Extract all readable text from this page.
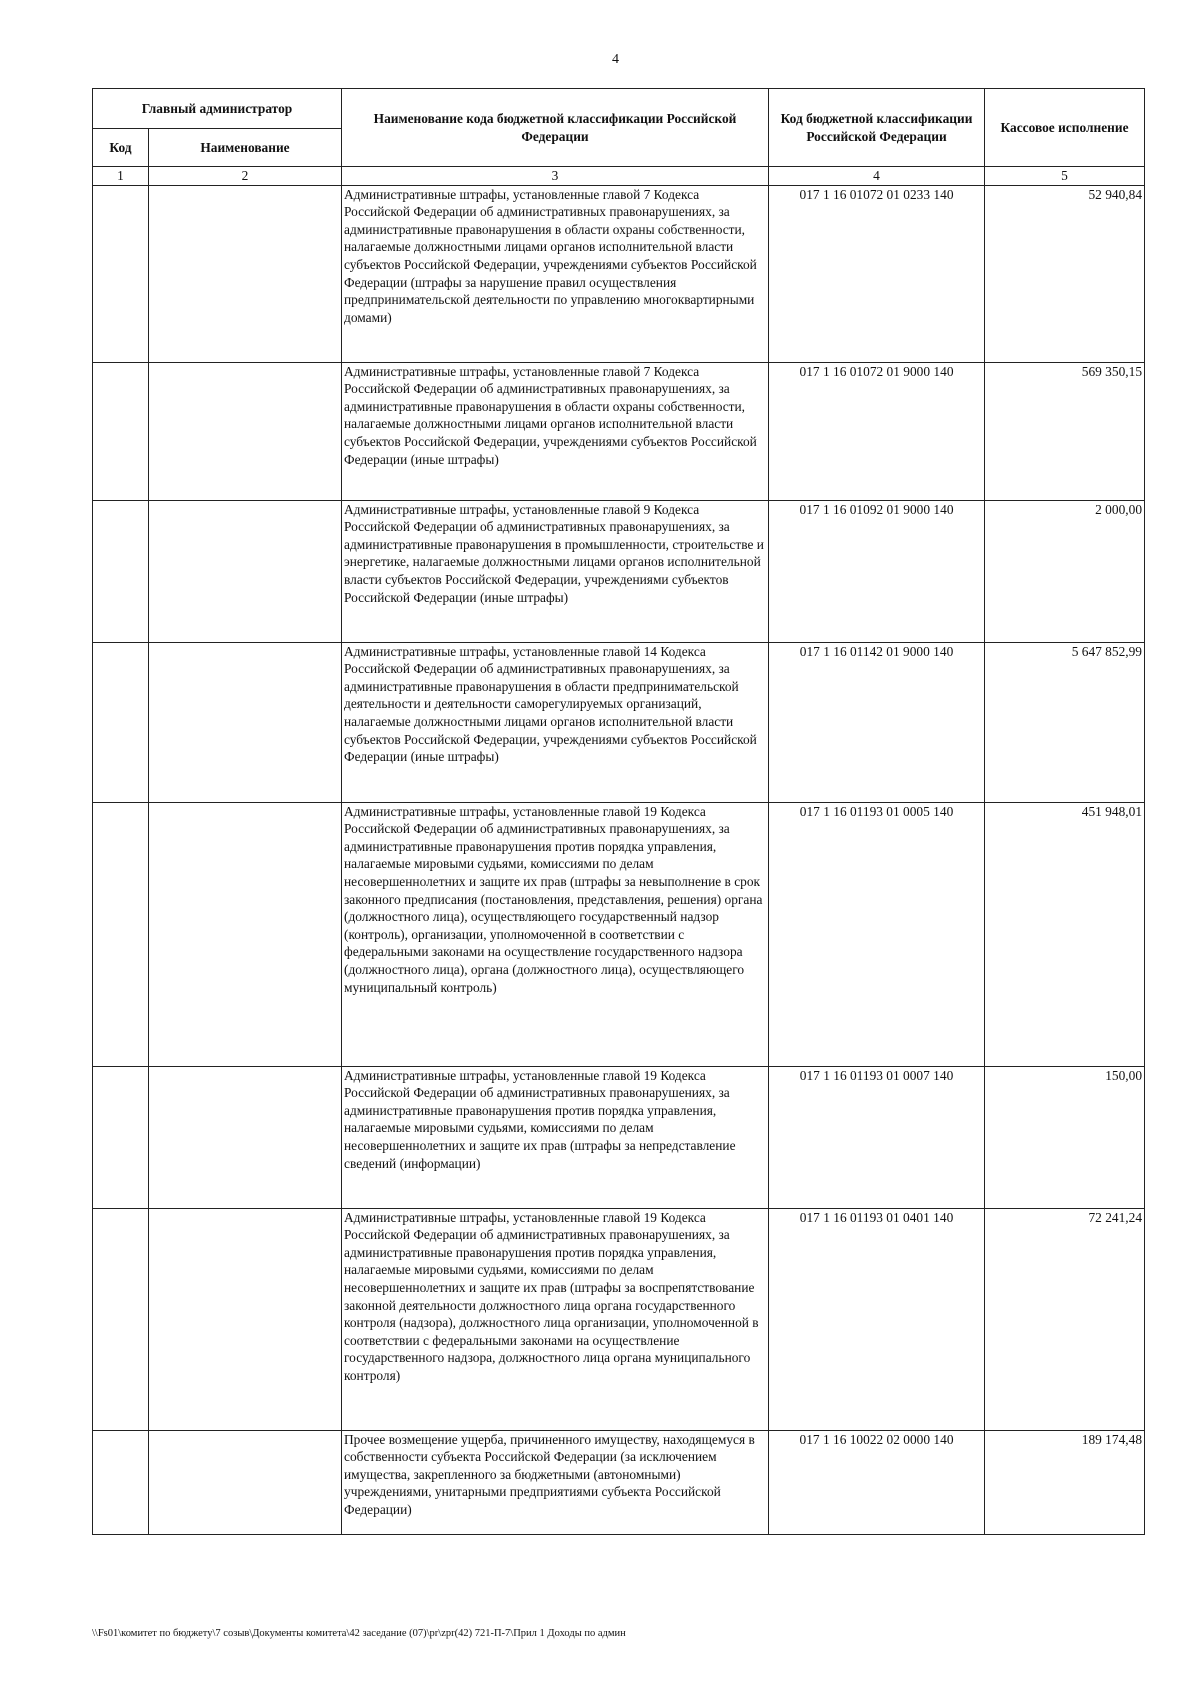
4
Главный администратор		Наименование кода бюджетной классификации Российской Федерации	Код бюджетной классификации Российской Федерации	Кассовое исполнение
Код	Наименование			
1	2	3	4	5
		Административные штрафы, установленные главой 7 Кодекса Российской Федерации об административных правонарушениях, за административные правонарушения в области охраны собственности, налагаемые должностными лицами органов исполнительной власти субъектов Российской Федерации, учреждениями субъектов Российской Федерации (штрафы за нарушение правил осуществления предпринимательской деятельности по управлению многоквартирными домами)	017 1 16 01072 01 0233 140	52 940,84
		Административные штрафы, установленные главой 7 Кодекса Российской Федерации об административных правонарушениях, за административные правонарушения в области охраны собственности, налагаемые должностными лицами органов исполнительной власти субъектов Российской Федерации, учреждениями субъектов Российской Федерации (иные штрафы)	017 1 16 01072 01 9000 140	569 350,15
		Административные штрафы, установленные главой 9 Кодекса Российской Федерации об административных правонарушениях, за административные правонарушения в промышленности, строительстве и энергетике, налагаемые должностными лицами органов исполнительной власти субъектов Российской Федерации, учреждениями субъектов Российской Федерации (иные штрафы)	017 1 16 01092 01 9000 140	2 000,00
		Административные штрафы, установленные главой 14 Кодекса Российской Федерации об административных правонарушениях, за административные правонарушения в области предпринимательской деятельности и деятельности саморегулируемых организаций, налагаемые должностными лицами органов исполнительной власти субъектов Российской Федерации, учреждениями субъектов Российской Федерации (иные штрафы)	017 1 16 01142 01 9000 140	5 647 852,99
		Административные штрафы, установленные главой 19 Кодекса Российской Федерации об административных правонарушениях, за административные правонарушения против порядка управления, налагаемые мировыми судьями, комиссиями по делам несовершеннолетних и защите их прав (штрафы за невыполнение в срок законного предписания (постановления, представления, решения) органа (должностного лица), осуществляющего государственный надзор (контроль), организации, уполномоченной в соответствии с федеральными законами на осуществление государственного надзора (должностного лица), органа (должностного лица), осуществляющего муниципальный контроль)	017 1 16 01193 01 0005 140	451 948,01
		Административные штрафы, установленные главой 19 Кодекса Российской Федерации об административных правонарушениях, за административные правонарушения против порядка управления, налагаемые мировыми судьями, комиссиями по делам несовершеннолетних и защите их прав (штрафы за непредставление сведений (информации)	017 1 16 01193 01 0007 140	150,00
		Административные штрафы, установленные главой 19 Кодекса Российской Федерации об административных правонарушениях, за административные правонарушения против порядка управления, налагаемые мировыми судьями, комиссиями по делам несовершеннолетних и защите их прав (штрафы за воспрепятствование законной деятельности должностного лица органа государственного контроля (надзора), должностного лица организации, уполномоченной в соответствии с федеральными законами на осуществление государственного надзора, должностного лица органа муниципального контроля)	017 1 16 01193 01 0401 140	72 241,24
		Прочее возмещение ущерба, причиненного имуществу, находящемуся в собственности субъекта Российской Федерации (за исключением имущества, закрепленного за бюджетными (автономными) учреждениями, унитарными предприятиями субъекта Российской Федерации)	017 1 16 10022 02 0000 140	189 174,48
\\Fs01\комитет по бюджету\7 созыв\Документы комитета\42 заседание (07)\pr\zpr(42) 721-П-7\Прил 1 Доходы по админ
